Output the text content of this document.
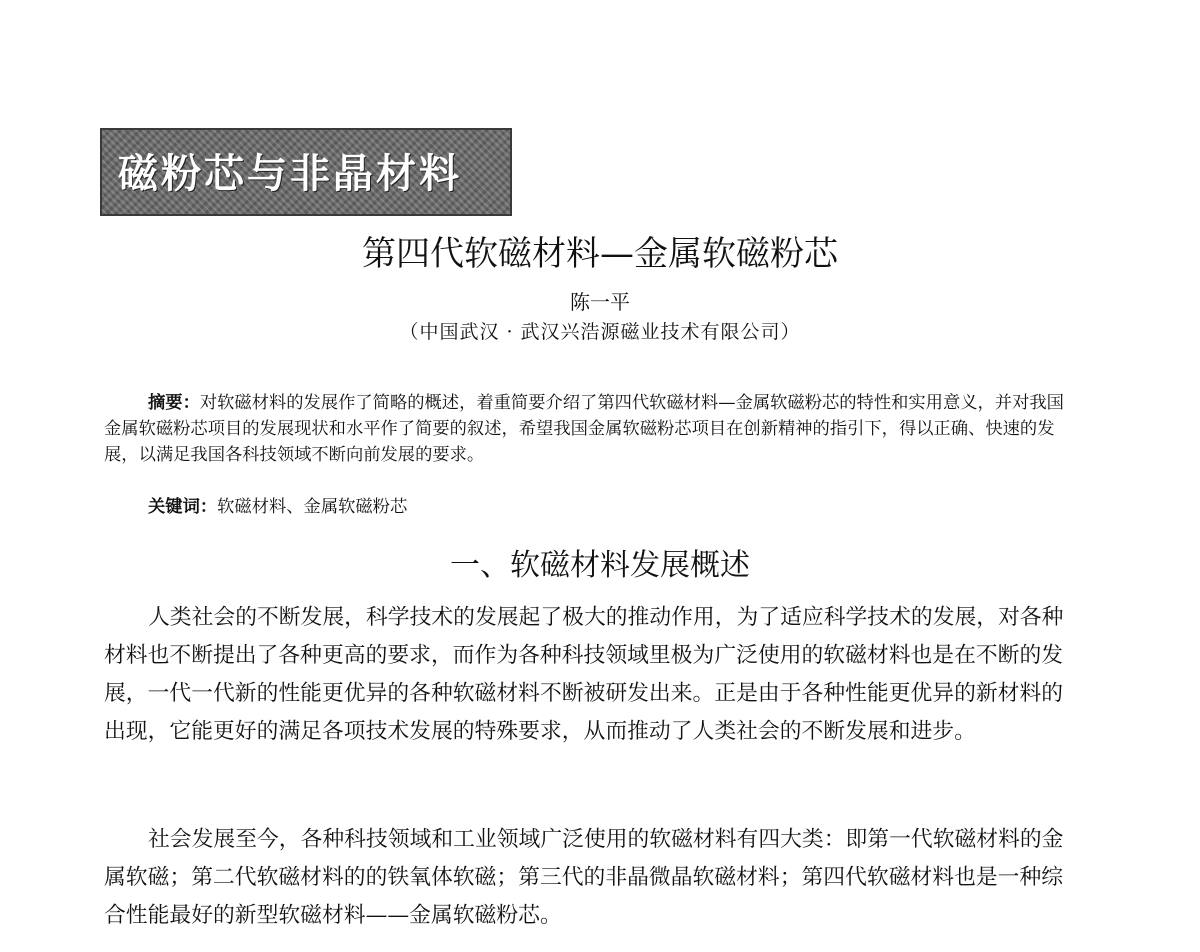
磁粉芯与非晶材料
第四代软磁材料—金属软磁粉芯
陈一平
（中国武汉 · 武汉兴浩源磁业技术有限公司）

摘要：对软磁材料的发展作了简略的概述，着重简要介绍了第四代软磁材料—金属软磁粉芯的特性和实用意义，并对我国金属软磁粉芯项目的发展现状和水平作了简要的叙述，希望我国金属软磁粉芯项目在创新精神的指引下，得以正确、快速的发展，以满足我国各科技领域不断向前发展的要求。

关键词：软磁材料、金属软磁粉芯

一、软磁材料发展概述

人类社会的不断发展，科学技术的发展起了极大的推动作用，为了适应科学技术的发展，对各种材料也不断提出了各种更高的要求，而作为各种科技领域里极为广泛使用的软磁材料也是在不断的发展，一代一代新的性能更优异的各种软磁材料不断被研发出来。正是由于各种性能更优异的新材料的出现，它能更好的满足各项技术发展的特殊要求，从而推动了人类社会的不断发展和进步。

社会发展至今，各种科技领域和工业领域广泛使用的软磁材料有四大类：即第一代软磁材料的金属软磁；第二代软磁材料的的铁氧体软磁；第三代的非晶微晶软磁材料；第四代软磁材料也是一种综合性能最好的新型软磁材料——金属软磁粉芯。
